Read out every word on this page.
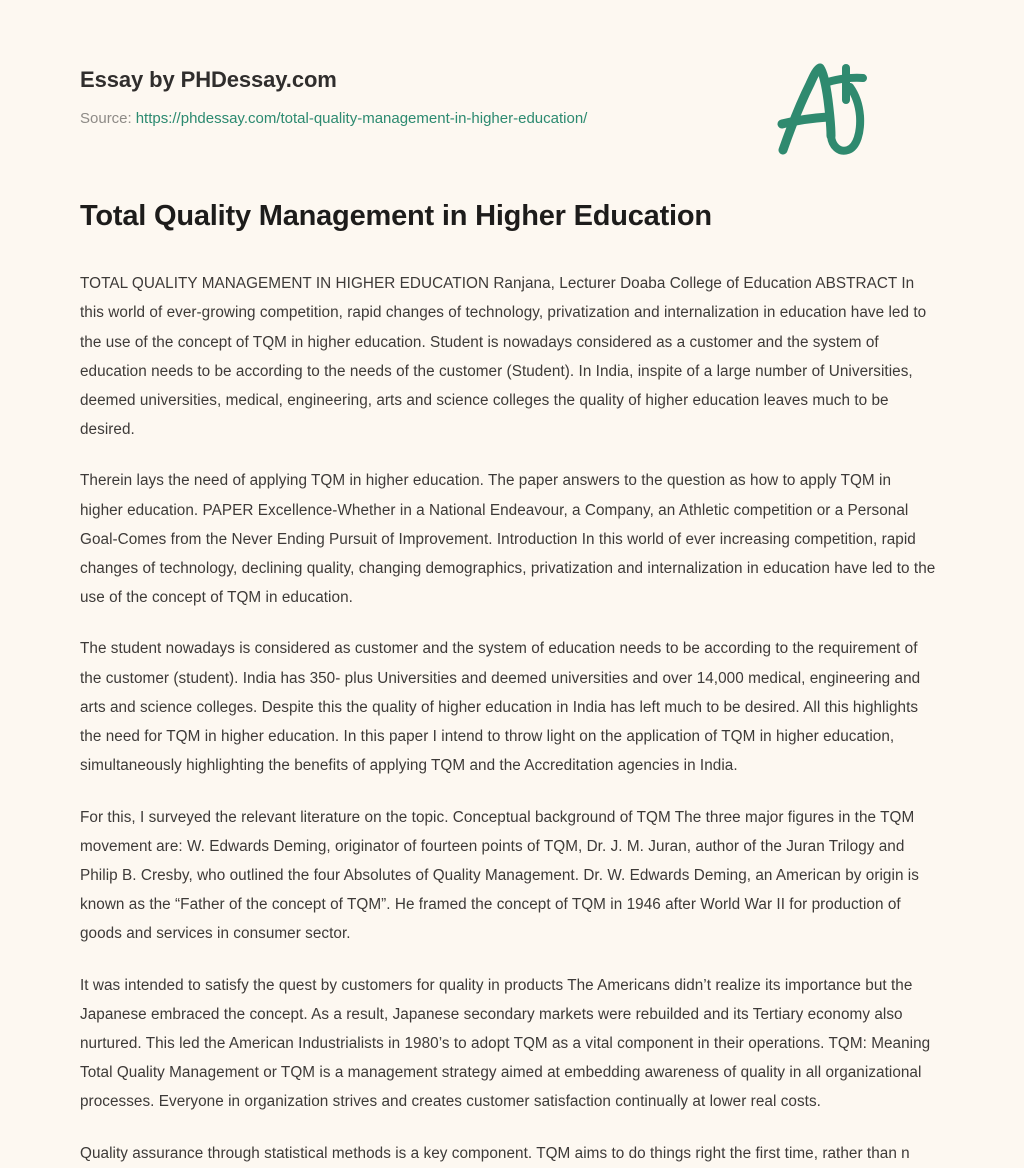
Essay by PHDessay.com
Source: https://phdessay.com/total-quality-management-in-higher-education/
Total Quality Management in Higher Education

TOTAL QUALITY MANAGEMENT IN HIGHER EDUCATION Ranjana, Lecturer Doaba College of Education ABSTRACT In this world of ever-growing competition, rapid changes of technology, privatization and internalization in education have led to the use of the concept of TQM in higher education. Student is nowadays considered as a customer and the system of education needs to be according to the needs of the customer (Student). In India, inspite of a large number of Universities, deemed universities, medical, engineering, arts and science colleges the quality of higher education leaves much to be desired.

Therein lays the need of applying TQM in higher education. The paper answers to the question as how to apply TQM in higher education. PAPER Excellence-Whether in a National Endeavour, a Company, an Athletic competition or a Personal Goal-Comes from the Never Ending Pursuit of Improvement. Introduction In this world of ever increasing competition, rapid changes of technology, declining quality, changing demographics, privatization and internalization in education have led to the use of the concept of TQM in education.

The student nowadays is considered as customer and the system of education needs to be according to the requirement of the customer (student). India has 350- plus Universities and deemed universities and over 14,000 medical, engineering and arts and science colleges. Despite this the quality of higher education in India has left much to be desired. All this highlights the need for TQM in higher education. In this paper I intend to throw light on the application of TQM in higher education, simultaneously highlighting the benefits of applying TQM and the Accreditation agencies in India.

For this, I surveyed the relevant literature on the topic. Conceptual background of TQM The three major figures in the TQM movement are: W. Edwards Deming, originator of fourteen points of TQM, Dr. J. M. Juran, author of the Juran Trilogy and Philip B. Cresby, who outlined the four Absolutes of Quality Management. Dr. W. Edwards Deming, an American by origin is known as the “Father of the concept of TQM”. He framed the concept of TQM in 1946 after World War II for production of goods and services in consumer sector.

It was intended to satisfy the quest by customers for quality in products The Americans didn’t realize its importance but the Japanese embraced the concept. As a result, Japanese secondary markets were rebuilded and its Tertiary economy also nurtured. This led the American Industrialists in 1980’s to adopt TQM as a vital component in their operations. TQM: Meaning Total Quality Management or TQM is a management strategy aimed at embedding awareness of quality in all organizational processes. Everyone in organization strives and creates customer satisfaction continually at lower real costs.

Quality assurance through statistical methods is a key component. TQM aims to do things right the first time, rather than n
